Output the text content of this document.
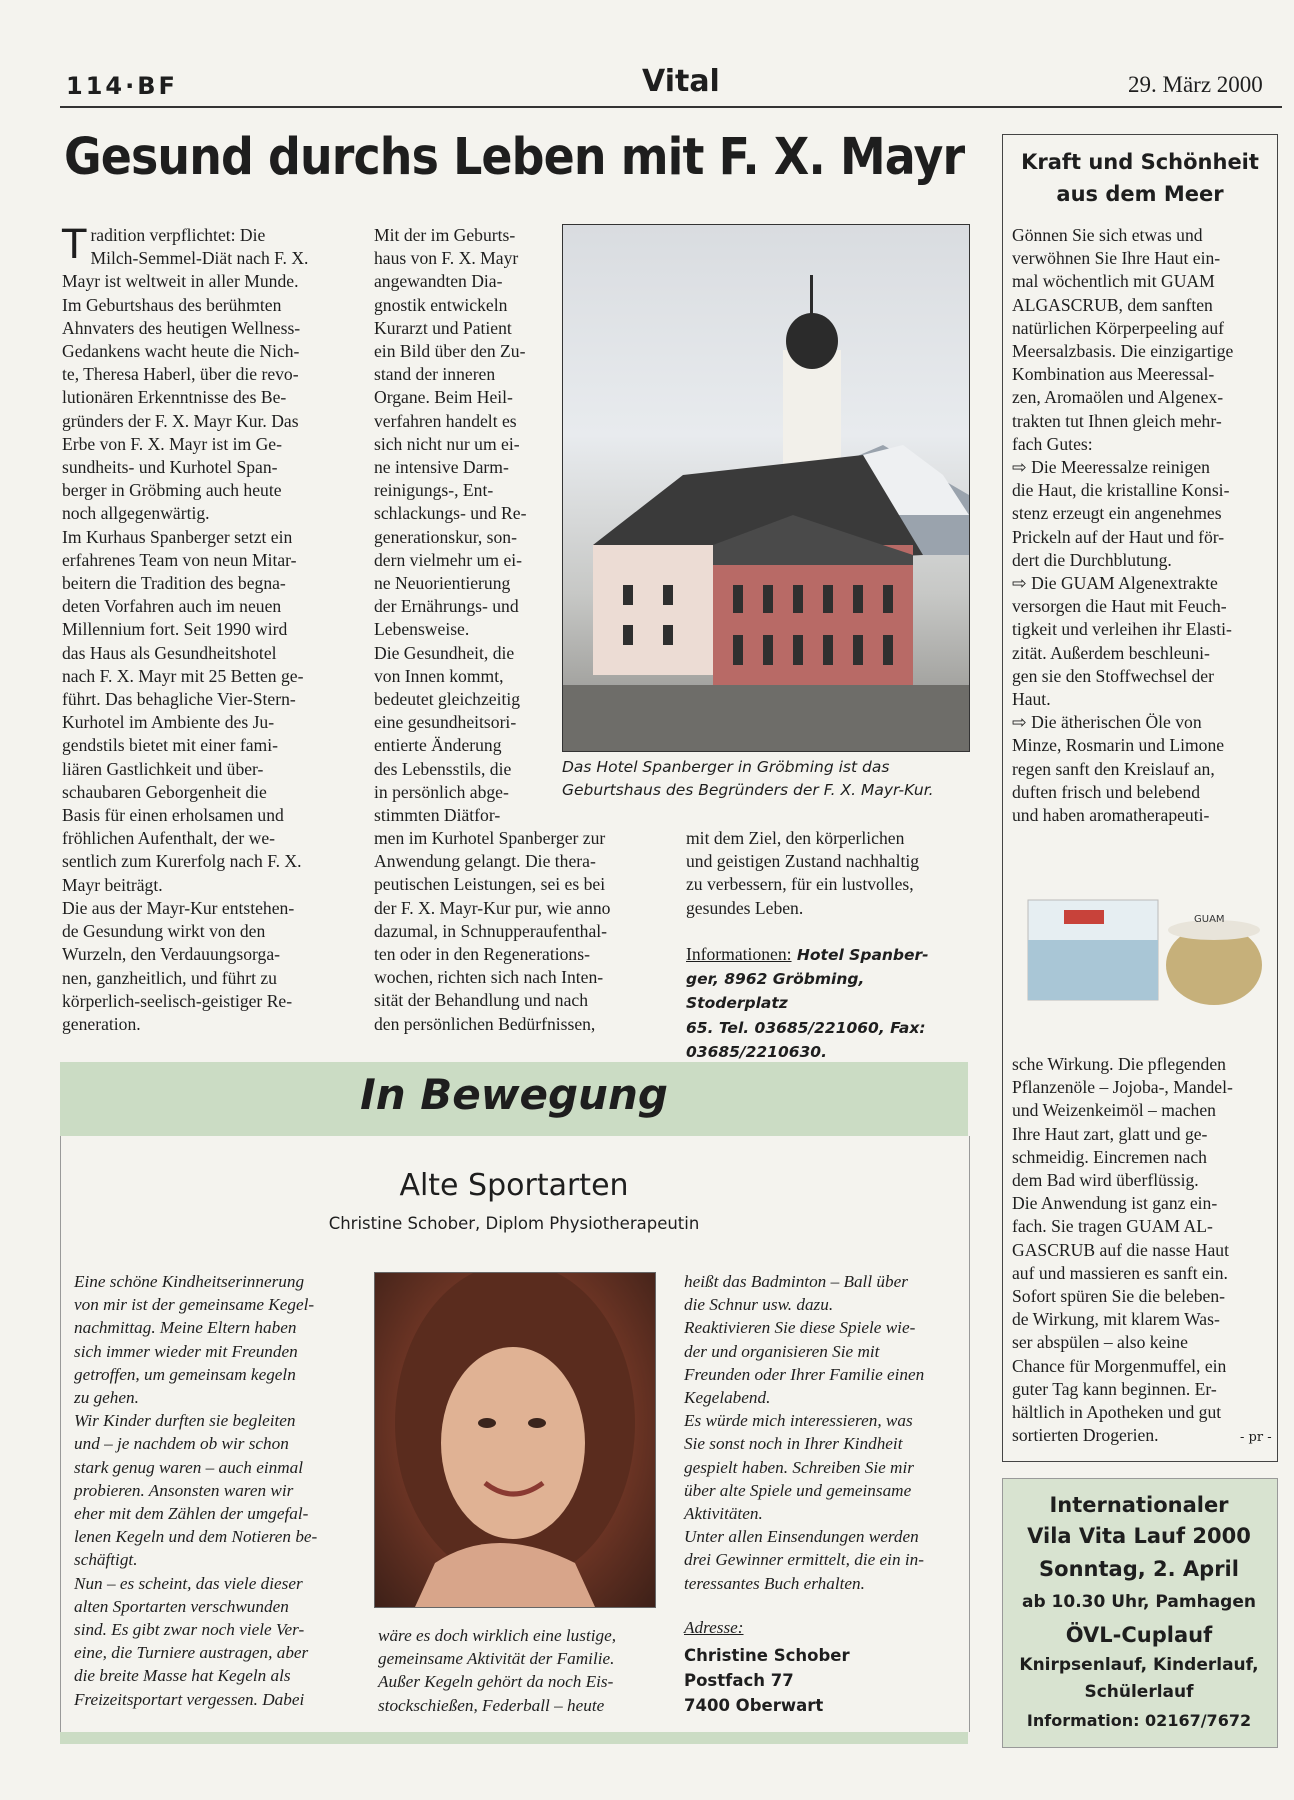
114·BF	Vital	29. März 2000
Gesund durchs Leben mit F. X. Mayr
T radition verpflichtet: Die
Milch-Semmel-Diät nach F. X.
Mayr ist weltweit in aller Munde.
Im Geburtshaus des berühmten
Ahnvaters des heutigen Wellness-
Gedankens wacht heute die Nich-
te, Theresa Haberl, über die revo-
lutionären Erkenntnisse des Be-
gründers der F. X. Mayr Kur. Das
Erbe von F. X. Mayr ist im Ge-
sundheits- und Kurhotel Span-
berger in Gröbming auch heute
noch allgegenwärtig.
Im Kurhaus Spanberger setzt ein
erfahrenes Team von neun Mitar-
beitern die Tradition des begna-
deten Vorfahren auch im neuen
Millennium fort. Seit 1990 wird
das Haus als Gesundheitshotel
nach F. X. Mayr mit 25 Betten ge-
führt. Das behagliche Vier-Stern-
Kurhotel im Ambiente des Ju-
gendstils bietet mit einer fami-
liären Gastlichkeit und über-
schaubaren Geborgenheit die
Basis für einen erholsamen und
fröhlichen Aufenthalt, der we-
sentlich zum Kurerfolg nach F. X.
Mayr beiträgt.
Die aus der Mayr-Kur entstehen-
de Gesundung wirkt von den
Wurzeln, den Verdauungsorga-
nen, ganzheitlich, und führt zu
körperlich-seelisch-geistiger Re-
generation.
Mit der im Geburts-
haus von F. X. Mayr
angewandten Dia-
gnostik entwickeln
Kurarzt und Patient
ein Bild über den Zu-
stand der inneren
Organe. Beim Heil-
verfahren handelt es
sich nicht nur um ei-
ne intensive Darm-
reinigungs-, Ent-
schlackungs- und Re-
generationskur, son-
dern vielmehr um ei-
ne Neuorientierung
der Ernährungs- und
Lebensweise.
Die Gesundheit, die
von Innen kommt,
bedeutet gleichzeitig
eine gesundheitsori-
entierte Änderung
des Lebensstils, die
in persönlich abge-
stimmten Diätfor-
men im Kurhotel Spanberger zur
Anwendung gelangt. Die thera-
peutischen Leistungen, sei es bei
der F. X. Mayr-Kur pur, wie anno
dazumal, in Schnupperaufenthal-
ten oder in den Regenerations-
wochen, richten sich nach Inten-
sität der Behandlung und nach
den persönlichen Bedürfnissen,
Das Hotel Spanberger in Gröbming ist das Geburtshaus des Begründers der F. X. Mayr-Kur.
mit dem Ziel, den körperlichen
und geistigen Zustand nachhaltig
zu verbessern, für ein lustvolles,
gesundes Leben.
Informationen: Hotel Spanber-
ger, 8962 Gröbming, Stoderplatz
65. Tel. 03685/221060, Fax:
03685/2210630.
Kraft und Schönheit aus dem Meer
Gönnen Sie sich etwas und
verwöhnen Sie Ihre Haut ein-
mal wöchentlich mit GUAM
ALGASCRUB, dem sanften
natürlichen Körperpeeling auf
Meersalzbasis. Die einzigartige
Kombination aus Meeressal-
zen, Aromaölen und Algenex-
trakten tut Ihnen gleich mehr-
fach Gutes:
⇨ Die Meeressalze reinigen
die Haut, die kristalline Konsi-
stenz erzeugt ein angenehmes
Prickeln auf der Haut und för-
dert die Durchblutung.
⇨ Die GUAM Algenextrakte
versorgen die Haut mit Feuch-
tigkeit und verleihen ihr Elasti-
zität. Außerdem beschleuni-
gen sie den Stoffwechsel der
Haut.
⇨ Die ätherischen Öle von
Minze, Rosmarin und Limone
regen sanft den Kreislauf an,
duften frisch und belebend
und haben aromatherapeuti-
GUAM
sche Wirkung. Die pflegenden
Pflanzenöle – Jojoba-, Mandel-
und Weizenkeimöl – machen
Ihre Haut zart, glatt und ge-
schmeidig. Eincremen nach
dem Bad wird überflüssig.
Die Anwendung ist ganz ein-
fach. Sie tragen GUAM AL-
GASCRUB auf die nasse Haut
auf und massieren es sanft ein.
Sofort spüren Sie die beleben-
de Wirkung, mit klarem Was-
ser abspülen – also keine
Chance für Morgenmuffel, ein
guter Tag kann beginnen. Er-
hältlich in Apotheken und gut
sortierten Drogerien.	- pr -
In Bewegung
Alte Sportarten
Christine Schober, Diplom Physiotherapeutin
Eine schöne Kindheitserinnerung
von mir ist der gemeinsame Kegel-
nachmittag. Meine Eltern haben
sich immer wieder mit Freunden
getroffen, um gemeinsam kegeln
zu gehen.
Wir Kinder durften sie begleiten
und – je nachdem ob wir schon
stark genug waren – auch einmal
probieren. Ansonsten waren wir
eher mit dem Zählen der umgefal-
lenen Kegeln und dem Notieren be-
schäftigt.
Nun – es scheint, das viele dieser
alten Sportarten verschwunden
sind. Es gibt zwar noch viele Ver-
eine, die Turniere austragen, aber
die breite Masse hat Kegeln als
Freizeitsportart vergessen. Dabei
wäre es doch wirklich eine lustige,
gemeinsame Aktivität der Familie.
Außer Kegeln gehört da noch Eis-
stockschießen, Federball – heute
heißt das Badminton – Ball über
die Schnur usw. dazu.
Reaktivieren Sie diese Spiele wie-
der und organisieren Sie mit
Freunden oder Ihrer Familie einen
Kegelabend.
Es würde mich interessieren, was
Sie sonst noch in Ihrer Kindheit
gespielt haben. Schreiben Sie mir
über alte Spiele und gemeinsame
Aktivitäten.
Unter allen Einsendungen werden
drei Gewinner ermittelt, die ein in-
teressantes Buch erhalten.
Adresse:
Christine Schober
Postfach 77
7400 Oberwart
Internationaler
Vila Vita Lauf 2000
Sonntag, 2. April
ab 10.30 Uhr, Pamhagen
ÖVL-Cuplauf
Knirpsenlauf, Kinderlauf,
Schülerlauf
Information: 02167/7672
